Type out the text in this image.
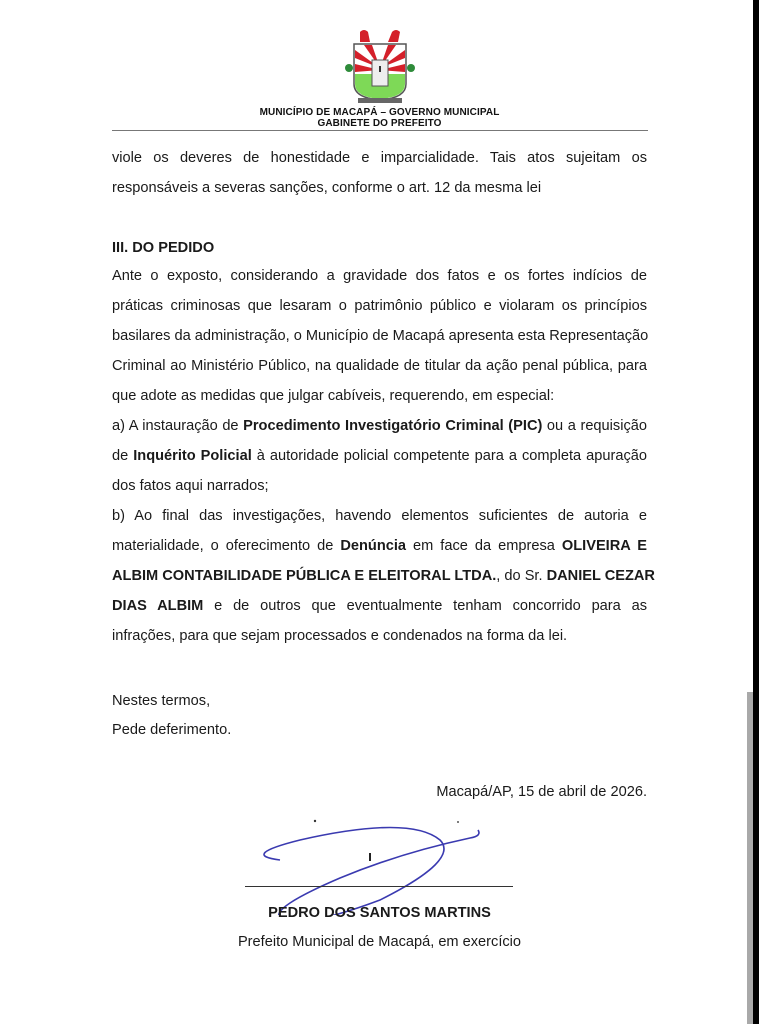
MUNICÍPIO DE MACAPÁ – GOVERNO MUNICIPAL
GABINETE DO PREFEITO
viole os deveres de honestidade e imparcialidade. Tais atos sujeitam os
responsáveis a severas sanções, conforme o art. 12 da mesma lei
III. DO PEDIDO
Ante o exposto, considerando a gravidade dos fatos e os fortes indícios de
práticas criminosas que lesaram o patrimônio público e violaram os princípios
basilares da administração, o Município de Macapá apresenta esta Representação
Criminal ao Ministério Público, na qualidade de titular da ação penal pública, para
que adote as medidas que julgar cabíveis, requerendo, em especial:
a) A instauração de Procedimento Investigatório Criminal (PIC) ou a requisição
de Inquérito Policial à autoridade policial competente para a completa apuração
dos fatos aqui narrados;
b) Ao final das investigações, havendo elementos suficientes de autoria e
materialidade, o oferecimento de Denúncia em face da empresa OLIVEIRA E
ALBIM CONTABILIDADE PÚBLICA E ELEITORAL LTDA., do Sr. DANIEL CEZAR
DIAS ALBIM e de outros que eventualmente tenham concorrido para as
infrações, para que sejam processados e condenados na forma da lei.
Nestes termos,
Pede deferimento.
Macapá/AP, 15 de abril de 2026.
PEDRO DOS SANTOS MARTINS
Prefeito Municipal de Macapá, em exercício
